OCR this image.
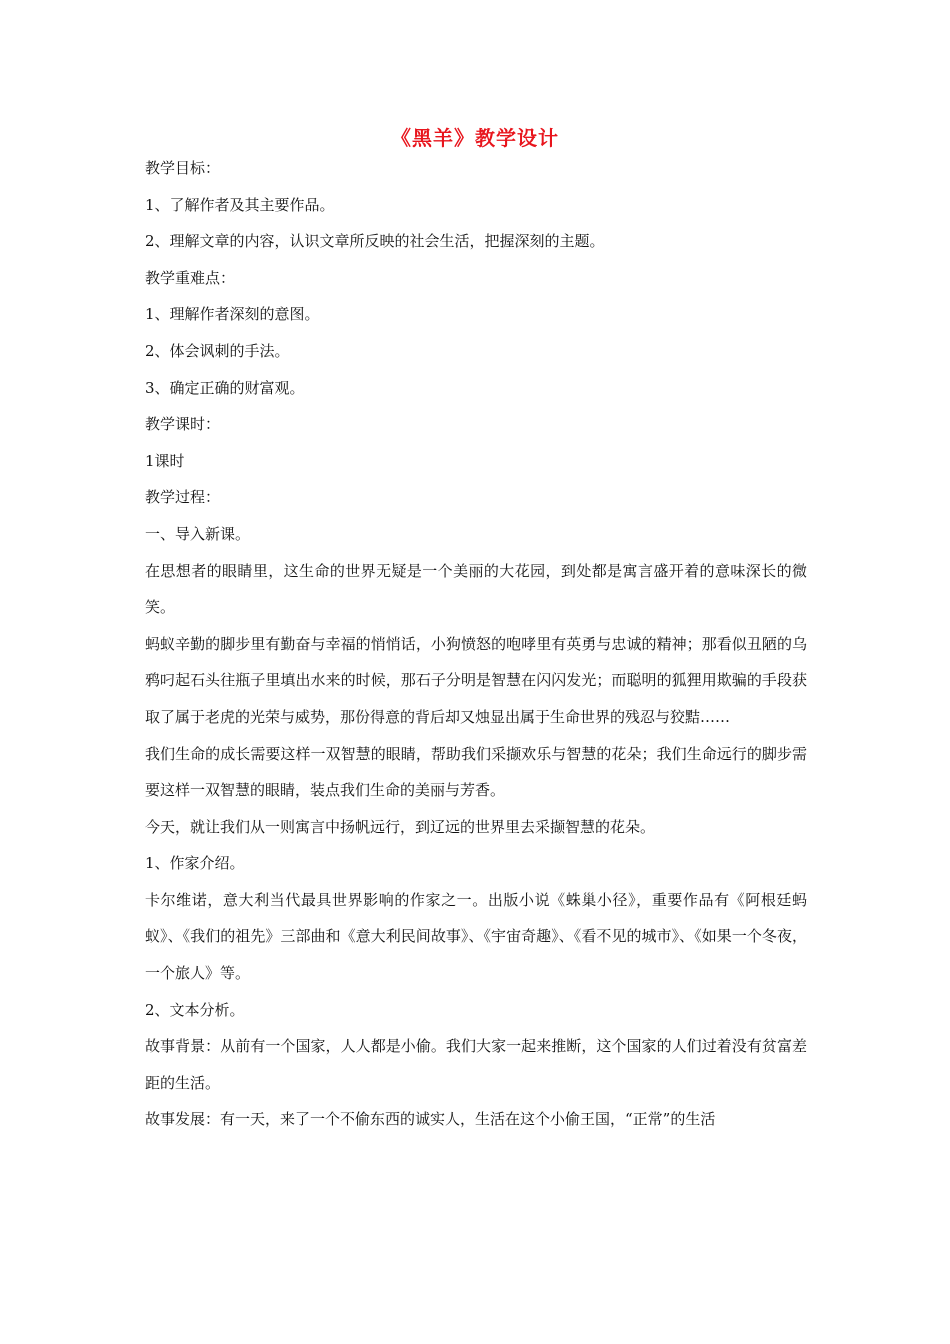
《黑羊》教学设计

教学目标：

1、了解作者及其主要作品。

2、理解文章的内容，认识文章所反映的社会生活，把握深刻的主题。

教学重难点：

1、理解作者深刻的意图。

2、体会讽刺的手法。

3、确定正确的财富观。

教学课时：

1课时

教学过程：

一、导入新课。

在思想者的眼睛里，这生命的世界无疑是一个美丽的大花园，到处都是寓言盛开着的意味深长的微笑。

蚂蚁辛勤的脚步里有勤奋与幸福的悄悄话，小狗愤怒的咆哮里有英勇与忠诚的精神；那看似丑陋的乌鸦叼起石头往瓶子里填出水来的时候，那石子分明是智慧在闪闪发光；而聪明的狐狸用欺骗的手段获取了属于老虎的光荣与威势，那份得意的背后却又烛显出属于生命世界的残忍与狡黠……

我们生命的成长需要这样一双智慧的眼睛，帮助我们采撷欢乐与智慧的花朵；我们生命远行的脚步需要这样一双智慧的眼睛，装点我们生命的美丽与芳香。

今天，就让我们从一则寓言中扬帆远行，到辽远的世界里去采撷智慧的花朵。

1、作家介绍。

卡尔维诺，意大利当代最具世界影响的作家之一。出版小说《蛛巢小径》，重要作品有《阿根廷蚂蚁》、《我们的祖先》三部曲和《意大利民间故事》、《宇宙奇趣》、《看不见的城市》、《如果一个冬夜，一个旅人》等。

2、文本分析。

故事背景：从前有一个国家，人人都是小偷。我们大家一起来推断，这个国家的人们过着没有贫富差距的生活。

故事发展：有一天，来了一个不偷东西的诚实人，生活在这个小偷王国，“正常”的生活
